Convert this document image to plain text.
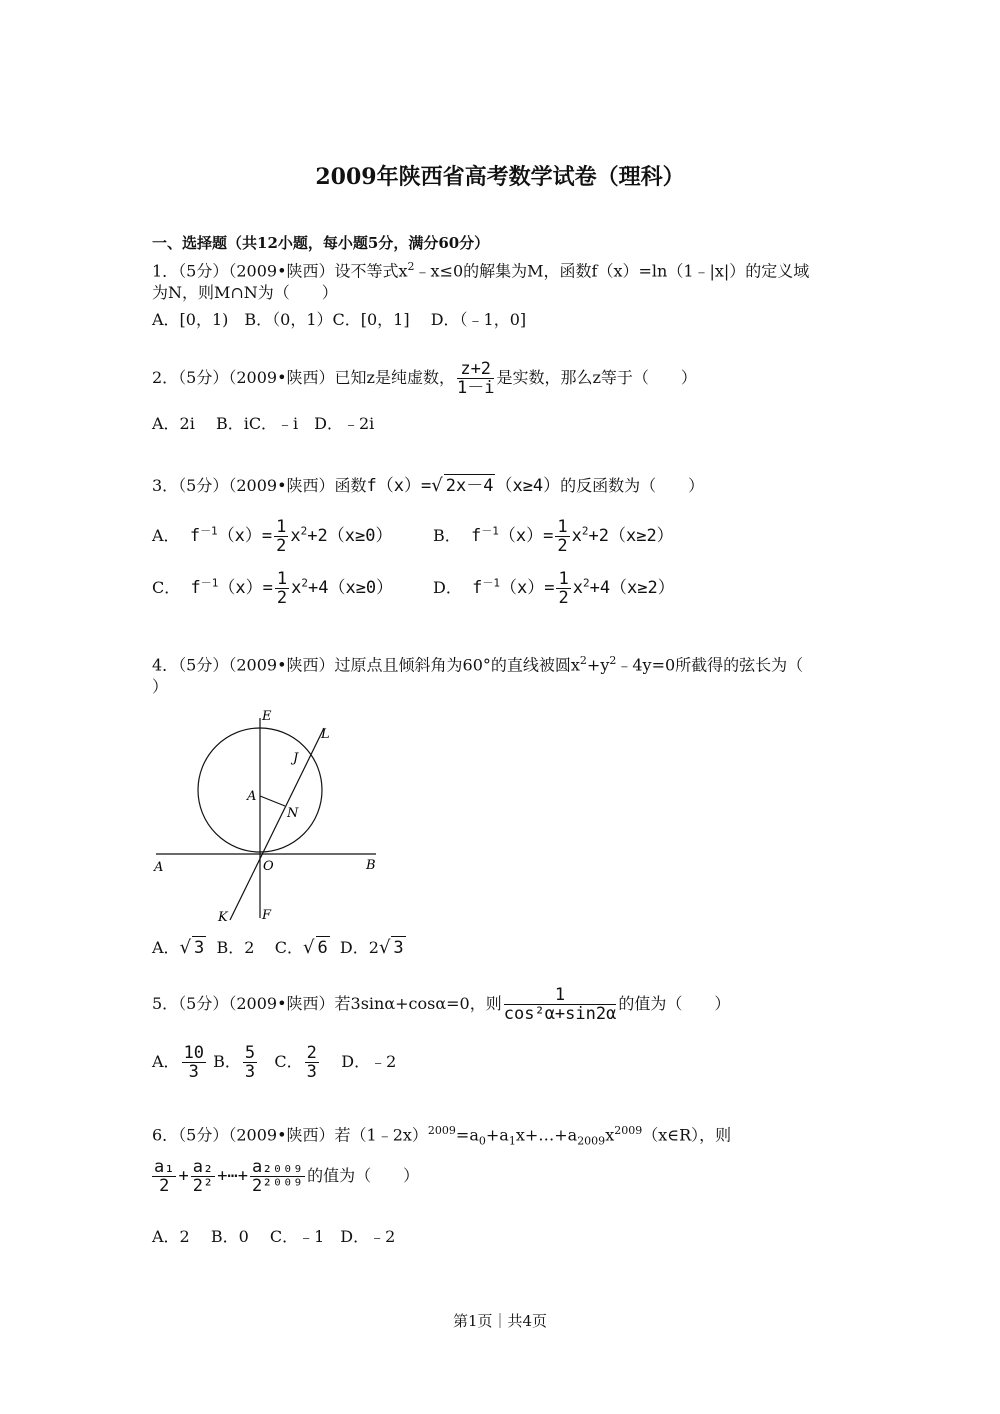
2009年陕西省高考数学试卷（理科）
一、选择题（共12小题，每小题5分，满分60分）
1．（5分）（2009•陕西）设不等式$x^2﹣x\le 0$的解集为M，函数f（x）=ln（1﹣|x|）的定义域
为N，则M∩N为（　　）
A．[0，1)　B．（0，1）C．[0，1]　 D．（﹣1，0]
2．（5分）（2009•陕西）已知z是纯虚数， $\frac{z+2}{1-i}$ 是实数，那么z等于（　　）
A．2i　 B．iC．﹣i　D．﹣2i
3．（5分）（2009•陕西）函数f（x）=√ 2x－4 （x≥4）的反函数为（　　）
A． $f^{-1}(x)= \frac{1}{2} x^2+2(x\ge 0)$	B． $f^{-1}(x)= \frac{1}{2} x^2+2(x\ge 2)$
C． $f^{-1}(x)= \frac{1}{2} x^2+4(x\ge 0)$ D． $f^{-1}(x)= \frac{1}{2} x^2+4(x\ge 2)$
4．（5分）（2009•陕西）过原点且倾斜角为60°的直线被圆$x^2+y^2﹣4y=0$所截得的弦长为（
）
E
L
J
A
N
A	O	B
K	F
A．√ 3 B．2 C．√ 6 D．2√ 3
5．（5分）（2009•陕西）若3sinα+cosα=0，则 $\frac{1}{\text{cos²α+sin2α}}$ 的值为（　　）
A． $\frac{10}{3}$ B． $\frac{5}{3}$ C． $\frac{2}{3}$ D．﹣2
6．（5分）（2009•陕西）若$(1﹣2x)^{2009}=a_0+a_1x+\dots+a_{2009}x^{2009}(x\in R)$，则
$\frac{\text{a₁}}{2} + \frac{\text{a₂}}{\text{2²}}$ +⋯+ $\frac{\text{a₂₀₀₉}}{\text{2²⁰⁰⁹}}$ 的值为（　　）
A．2　 B．0　 C．﹣1　D．﹣2
第1页｜共4页
